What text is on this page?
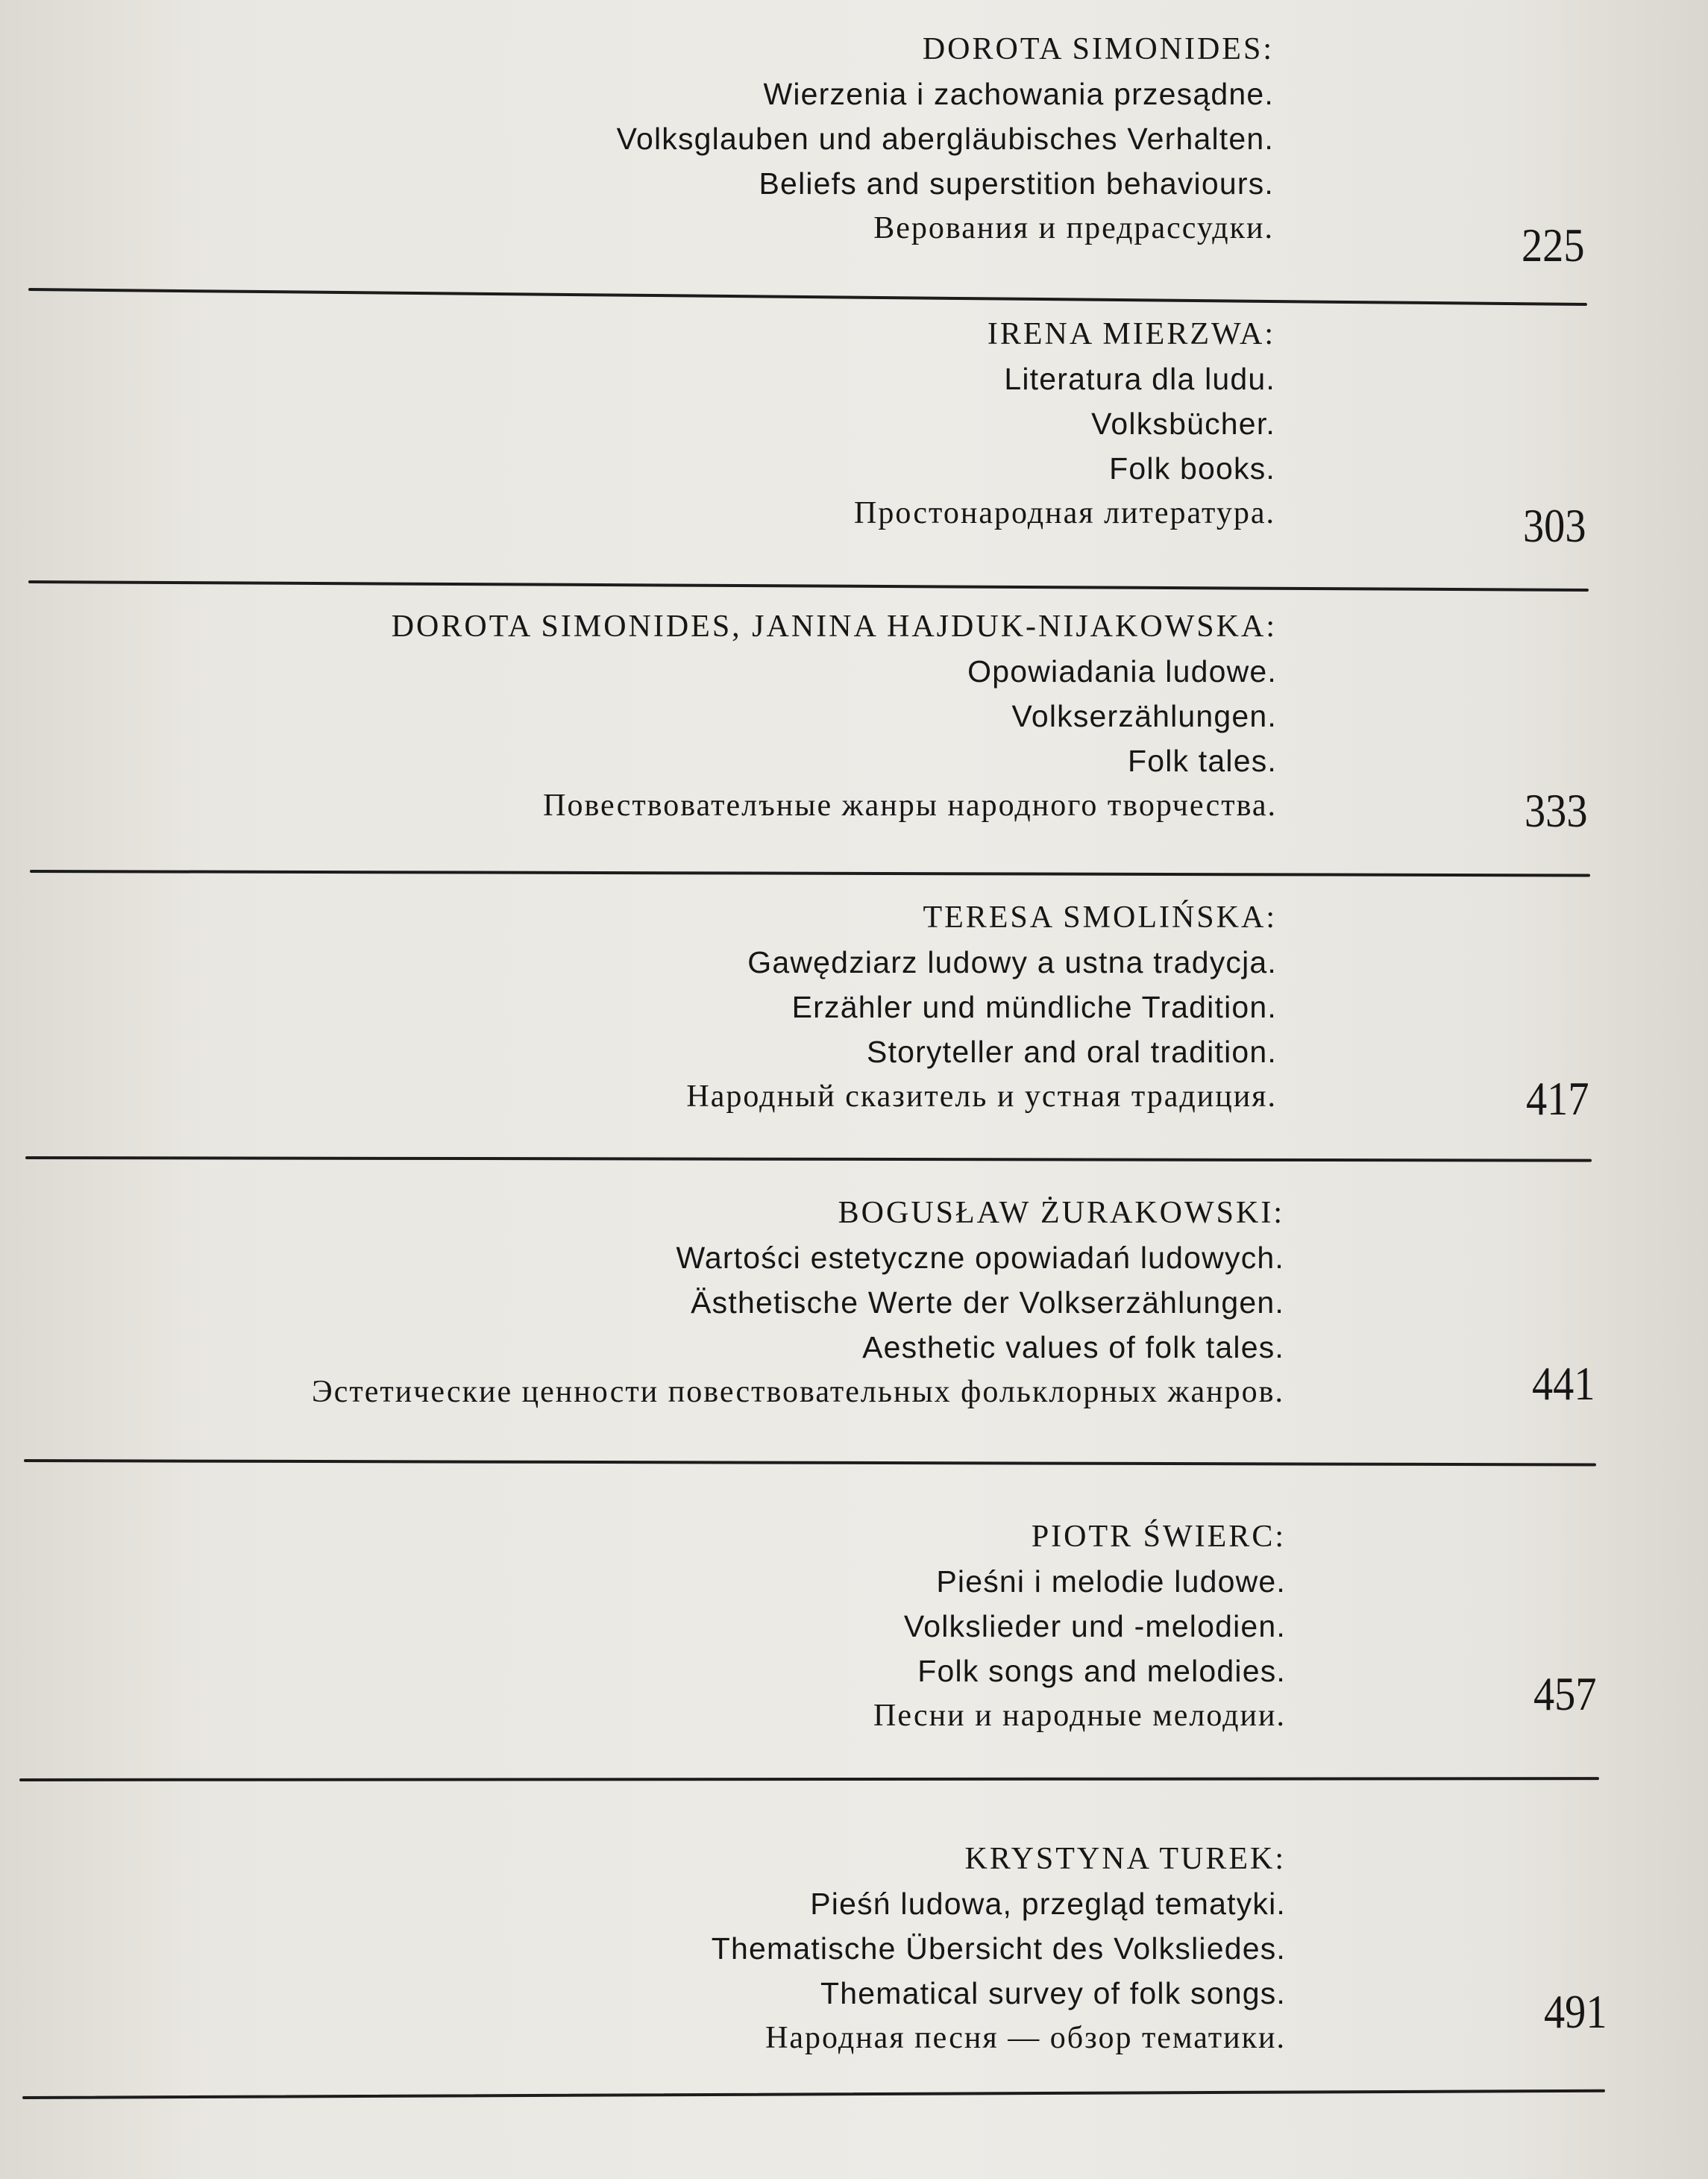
DOROTA SIMONIDES:
Wierzenia i zachowania przesądne.
Volksglauben und abergläubisches Verhalten.
Beliefs and superstition behaviours.
Верования и предрассудки.	225
IRENA MIERZWA:
Literatura dla ludu.
Volksbücher.
Folk books.
Простонародная литература.	303
DOROTA SIMONIDES, JANINA HAJDUK-NIJAKOWSKA:
Opowiadania ludowe.
Volkserzählungen.
Folk tales.
Повествователъные жанры народного творчества.	333
TERESA SMOLIŃSKA:
Gawędziarz ludowy a ustna tradycja.
Erzähler und mündliche Tradition.
Storyteller and oral tradition.
Народный сказитель и устная традиция.	417
BOGUSŁAW ŻURAKOWSKI:
Wartości estetyczne opowiadań ludowych.
Ästhetische Werte der Volkserzählungen.
Aesthetic values of folk tales.
Эстетические ценности повествовательных фольклорных жанров.	441
PIOTR ŚWIERC:
Pieśni i melodie ludowe.
Volkslieder und -melodien.
Folk songs and melodies.
Песни и народные мелодии.	457
KRYSTYNA TUREK:
Pieśń ludowa, przegląd tematyki.
Thematische Übersicht des Volksliedes.
Thematical survey of folk songs.
Народная песня — обзор тематики.	491
